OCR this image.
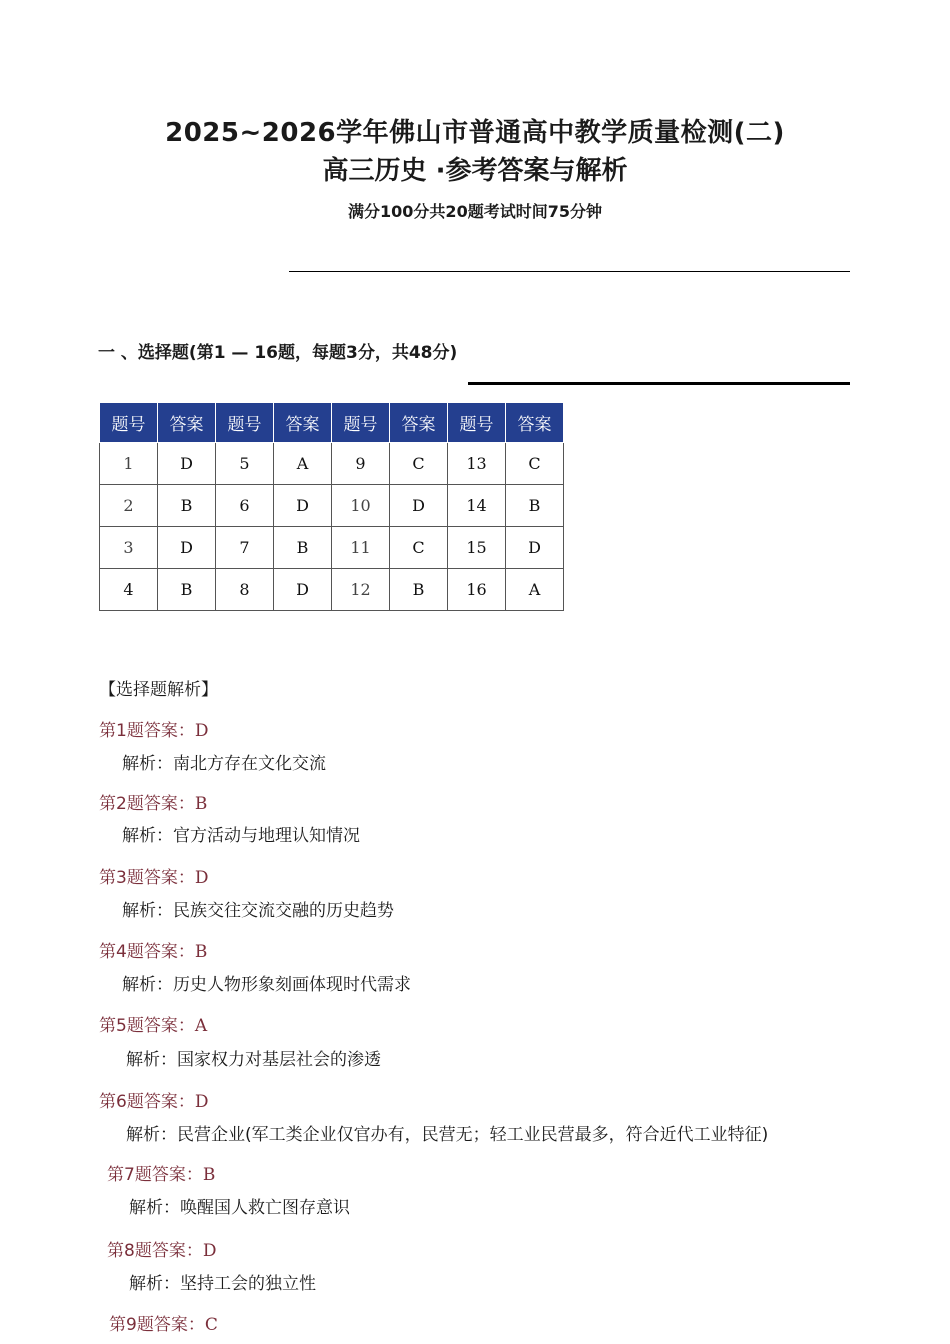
2025~2026学年佛山市普通高中教学质量检测(二)
高三历史 ·参考答案与解析
满分100分共20题考试时间75分钟
一 、选择题(第1 — 16题，每题3分，共48分)
题号	答案	题号	答案	题号	答案	题号	答案
1	D	5	A	9	C	13	C
2	B	6	D	10	D	14	B
3	D	7	B	11	C	15	D
4	B	8	D	12	B	16	A
【选择题解析】
第1题答案：D
解析：南北方存在文化交流
第2题答案：B
解析：官方活动与地理认知情况
第3题答案：D
解析：民族交往交流交融的历史趋势
第4题答案：B
解析：历史人物形象刻画体现时代需求
第5题答案：A
解析：国家权力对基层社会的渗透
第6题答案：D
解析：民营企业(军工类企业仅官办有，民营无；轻工业民营最多，符合近代工业特征)
第7题答案：B
解析：唤醒国人救亡图存意识
第8题答案：D
解析：坚持工会的独立性
第9题答案：C
